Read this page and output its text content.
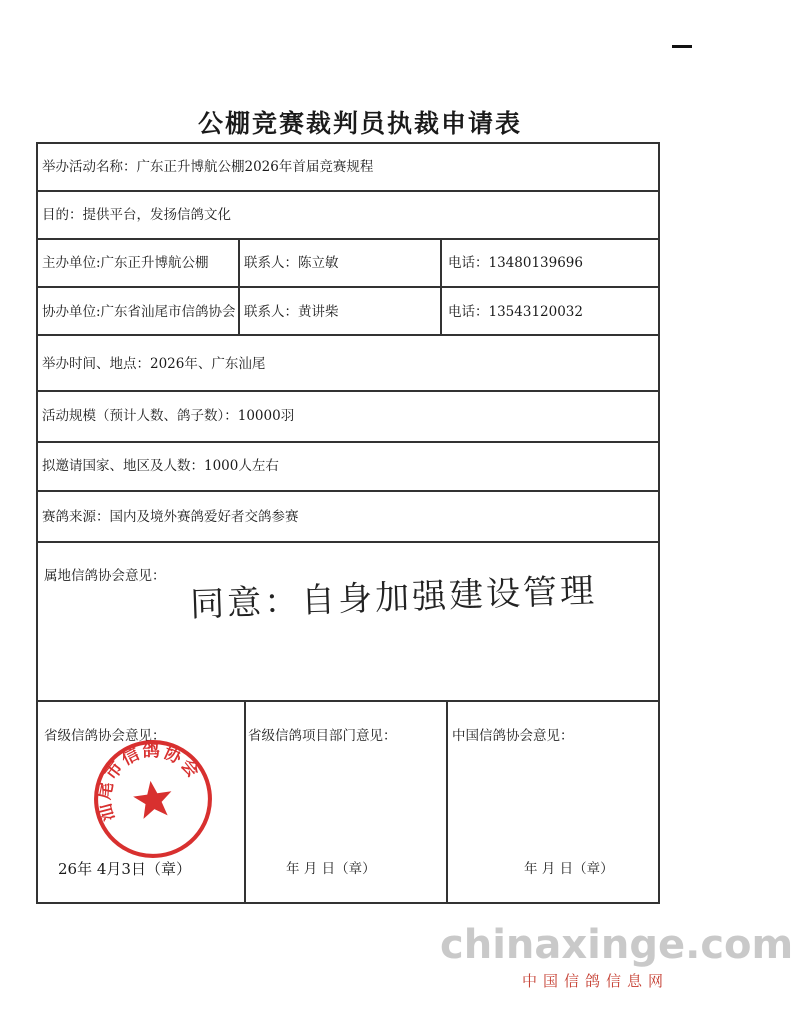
公棚竞赛裁判员执裁申请表
举办活动名称：广东正升博航公棚2026年首届竞赛规程
目的：提供平台，发扬信鸽文化
主办单位:广东正升博航公棚	联系人：陈立敏	电话：13480139696
协办单位:广东省汕尾市信鸽协会 联系人：黄讲柴	电话：13543120032
举办时间、地点：2026年、广东汕尾
活动规模（预计人数、鸽子数）：10000羽
拟邀请国家、地区及人数：1000人左右
赛鸽来源：国内及境外赛鸽爱好者交鸽参赛
属地信鸽协会意见：
省级信鸽协会意见：	省级信鸽项目部门意见：	中国信鸽协会意见：
26年 4月3日（章）	年 月 日（章）	年 月 日（章）
同意：自身加强建设管理
汕尾市信鸽协会
chinaxinge.com
中国信鸽信息网
